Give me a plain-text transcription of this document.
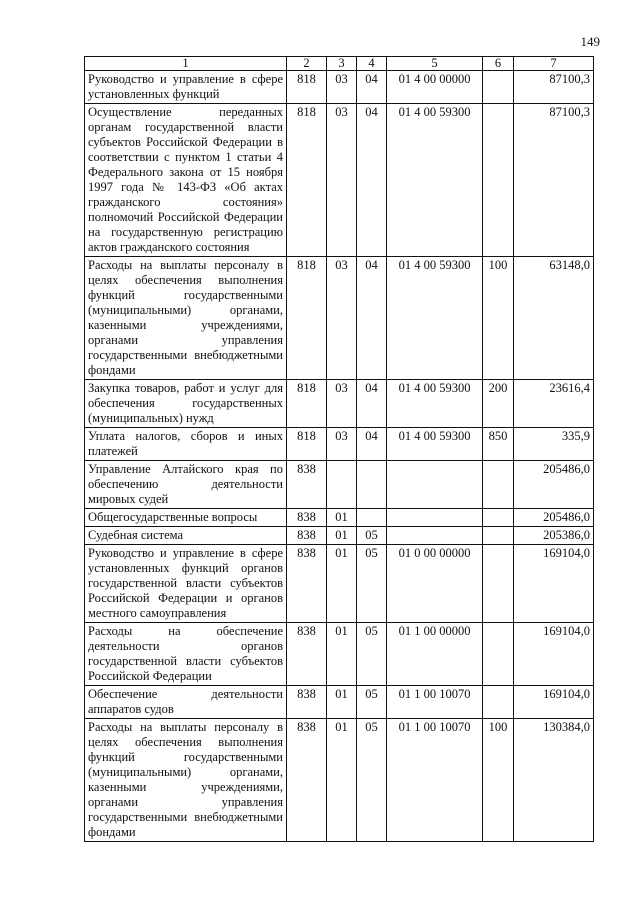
149
1	2	3	4	5	6	7
Руководство и управление в сфере установленных функций	818	03	04	01 4 00 00000		87100,3
Осуществление переданных органам государственной власти субъектов Российской Федерации в соответствии с пунктом 1 статьи 4 Федерального закона от 15 ноября 1997 года № 143-ФЗ «Об актах гражданского состояния» полномочий Российской Федерации на государственную регистрацию актов гражданского состояния	818	03	04	01 4 00 59300		87100,3
Расходы на выплаты персоналу в целях обеспечения выполнения функций государственными (муниципальными) органами, казенными учреждениями, органами управления государственными внебюджетными фондами	818	03	04	01 4 00 59300	100	63148,0
Закупка товаров, работ и услуг для обеспечения государственных (муниципальных) нужд	818	03	04	01 4 00 59300	200	23616,4
Уплата налогов, сборов и иных платежей	818	03	04	01 4 00 59300	850	335,9
Управление Алтайского края по обеспечению деятельности мировых судей	838					205486,0
Общегосударственные вопросы	838	01				205486,0
Судебная система	838	01	05			205386,0
Руководство и управление в сфере установленных функций органов государственной власти субъектов Российской Федерации и органов местного самоуправления	838	01	05	01 0 00 00000		169104,0
Расходы на обеспечение деятельности органов государственной власти субъектов Российской Федерации	838	01	05	01 1 00 00000		169104,0
Обеспечение деятельности аппаратов судов	838	01	05	01 1 00 10070		169104,0
Расходы на выплаты персоналу в целях обеспечения выполнения функций государственными (муниципальными) органами, казенными учреждениями, органами управления государственными внебюджетными фондами	838	01	05	01 1 00 10070	100	130384,0
